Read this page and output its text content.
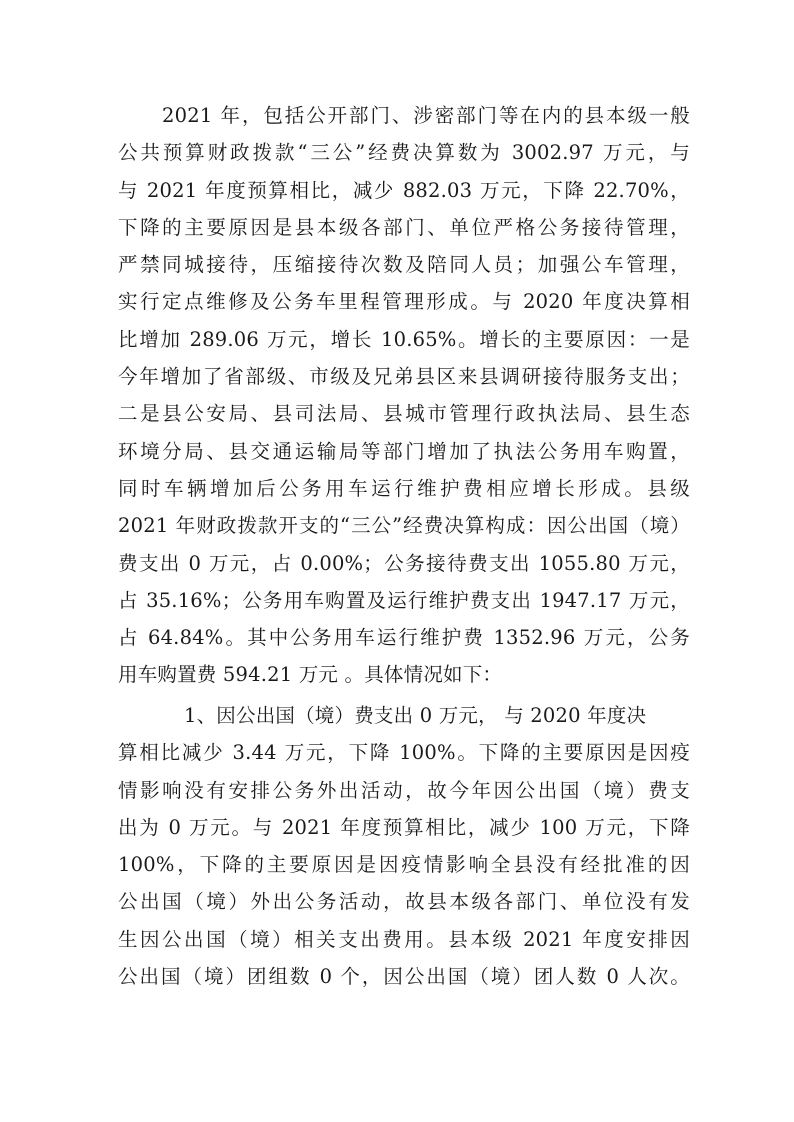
2021 年，包括公开部门、涉密部门等在内的县本级一般
公共预算财政拨款“三公”经费决算数为 3002.97 万元，与
与 2021 年度预算相比，减少 882.03 万元，下降 22.70%，
下降的主要原因是县本级各部门、单位严格公务接待管理，
严禁同城接待，压缩接待次数及陪同人员；加强公车管理，
实行定点维修及公务车里程管理形成。与 2020 年度决算相
比增加 289.06 万元，增长 10.65%。增长的主要原因：一是
今年增加了省部级、市级及兄弟县区来县调研接待服务支出；
二是县公安局、县司法局、县城市管理行政执法局、县生态
环境分局、县交通运输局等部门增加了执法公务用车购置，
同时车辆增加后公务用车运行维护费相应增长形成。县级
2021 年财政拨款开支的“三公”经费决算构成：因公出国（境）
费支出 0 万元，占 0.00%；公务接待费支出 1055.80 万元，
占 35.16%；公务用车购置及运行维护费支出 1947.17 万元，
占 64.84%。其中公务用车运行维护费 1352.96 万元，公务
用车购置费 594.21 万元 。具体情况如下：
1、因公出国（境）费支出 0 万元， 与 2020 年度决
算相比减少 3.44 万元，下降 100%。下降的主要原因是因疫
情影响没有安排公务外出活动，故今年因公出国（境）费支
出为 0 万元。与 2021 年度预算相比，减少 100 万元，下降
100%，下降的主要原因是因疫情影响全县没有经批准的因
公出国（境）外出公务活动，故县本级各部门、单位没有发
生因公出国（境）相关支出费用。县本级 2021 年度安排因
公出国（境）团组数 0 个，因公出国（境）团人数 0 人次。
